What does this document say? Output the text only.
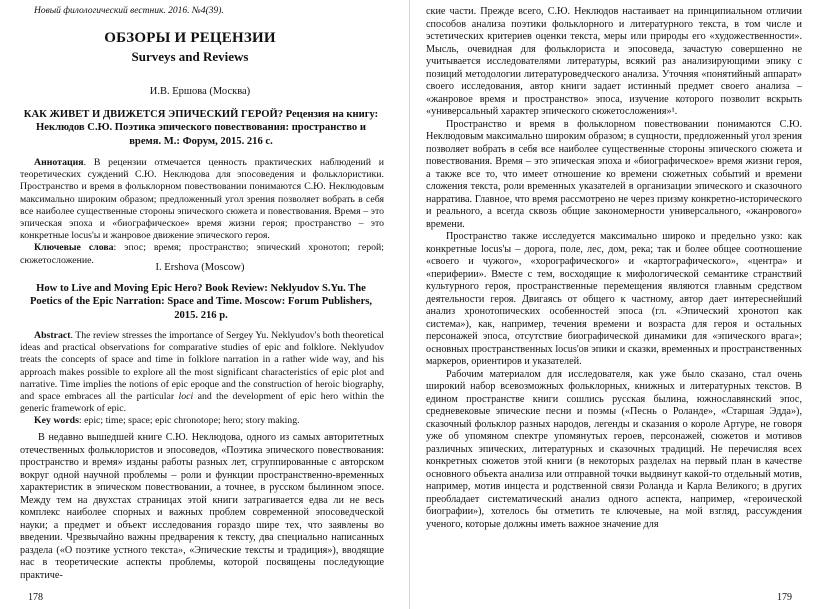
Новый филологический вестник. 2016. №4(39).
ОБЗОРЫ И РЕЦЕНЗИИ
Surveys and Reviews
И.В. Ершова (Москва)
КАК ЖИВЕТ И ДВИЖЕТСЯ ЭПИЧЕСКИЙ ГЕРОЙ? Рецензия на книгу: Неклюдов С.Ю. Поэтика эпического повествования: пространство и время. М.: Форум, 2015. 216 с.

Аннотация. В рецензии отмечается ценность практических наблюдений и теоретических суждений С.Ю. Неклюдова для эпосоведения и фольклористики. Пространство и время в фольклорном повествовании понимаются С.Ю. Неклюдовым максимально широким образом; предложенный угол зрения позволяет вобрать в себя все наиболее существенные стороны эпического сюжета и повествования. Время – это эпическая эпоха и «биографическое» время жизни героя; пространство – это конкретные locus'ы и жанровое движение эпического героя.

Ключевые слова: эпос; время; пространство; эпический хронотоп; герой; сюжетосложение.

I. Ershova (Moscow)
How to Live and Moving Epic Hero? Book Review: Neklyudov S.Yu. The Poetics of the Epic Narration: Space and Time. Moscow: Forum Publishers, 2015. 216 p.

Abstract. The review stresses the importance of Sergey Yu. Neklyudov's both theoretical ideas and practical observations for comparative studies of epic and folklore. Neklyudov treats the concepts of space and time in folklore narration in a rather wide way, and his approach makes possible to explore all the most significant characteristics of epic plot and narrative. Time implies the notions of epic epoque and the construction of heroic biography, and space embraces all the particular loci and the development of epic hero within the generic framework of epic.

Key words: epic; time; space; epic chronotope; hero; story making.

В недавно вышедшей книге С.Ю. Неклюдова, одного из самых авторитетных отечественных фольклористов и эпосоведов, «Поэтика эпического повествования: пространство и время» изданы работы разных лет, сгруппированные с авторском вокруг одной научной проблемы – роли и функции пространственно-временных характеристик в эпическом повествовании, а точнее, в русском былинном эпосе. Между тем на двухстах страницах этой книги затрагивается едва ли не весь комплекс наиболее спорных и важных проблем современной эпосоведческой науки; а предмет и объект исследования гораздо шире тех, что заявлены во введении. Чрезвычайно важны предварения к тексту, два специально написанных раздела («О поэтике устного текста», «Эпические тексты и традиция»), вводящие нас в теоретические аспекты проблемы, которой посвящены последующие практиче-

178

ские части. Прежде всего, С.Ю. Неклюдов настаивает на принципиальном отличии способов анализа поэтики фольклорного и литературного текста, в том числе и эстетических критериев оценки текста, меры или природы его «художественности». Мысль, очевидная для фольклориста и эпосоведа, зачастую совершенно не учитывается исследователями литературы, всякий раз анализирующими эпику с позиций методологии литературоведческого анализа. Уточняя «понятийный аппарат» своего исследования, автор книги задает истинный предмет своего анализа – «жанровое время и пространство» эпоса, изучение которого позволит вскрыть «универсальный характер эпического сюжетосложения»¹.

Пространство и время в фольклорном повествовании понимаются С.Ю. Неклюдовым максимально широким образом; в сущности, предложенный угол зрения позволяет вобрать в себя все наиболее существенные стороны эпического сюжета и повествования. Время – это эпическая эпоха и «биографическое» время жизни героя, а также все то, что имеет отношение ко времени сюжетных событий и времени сложения текста, роли временных указателей в организации эпического и сказочного нарратива. Главное, что время рассмотрено не через призму конкретно-исторического и реального, а всегда сквозь общие закономерности универсального, «жанрового» времени.

Пространство также исследуется максимально широко и предельно узко: как конкретные locus'ы – дорога, поле, лес, дом, река; так и более общее соотношение «своего и чужого», «хорографического» и «картографического», «центра» и «периферии». Вместе с тем, восходящие к мифологической семантике странствий культурного героя, пространственные перемещения являются главным средством деятельности героя. Двигаясь от общего к частному, автор дает интереснейший анализ хронотопических особенностей эпоса (гл. «Эпический хронотоп как система»), как, например, течения времени и возраста для героя и остальных персонажей эпоса, отсутствие биографической динамики для «эпического врага»; основных пространственных locus'ов эпики и сказки, временных и пространственных маркеров, ориентиров и указателей.

Рабочим материалом для исследователя, как уже было сказано, стал очень широкий набор всевозможных фольклорных, книжных и литературных текстов. В едином пространстве книги сошлись русская былина, южнославянский эпос, средневековые эпические песни и поэмы («Песнь о Роланде», «Старшая Эдда»), сказочный фольклор разных народов, легенды и сказания о короле Артуре, не говоря уже об упомяном спектре упомянутых героев, персонажей, сюжетов и мотивов различных эпических, литературных и сказочных традиций. Не перечисляя всех конкретных сюжетов этой книги (в некоторых разделах на первый план в качестве основного объекта анализа или отправной точки выдвинут какой-то отдельный мотив, например, мотив инцеста и родственной связи Роланда и Карла Великого; в других преобладает систематический анализ одного аспекта, например, «героической биографии»), хотелось бы отметить те ключевые, на мой взгляд, рассуждения ученого, которые должны иметь важное значение для

179
